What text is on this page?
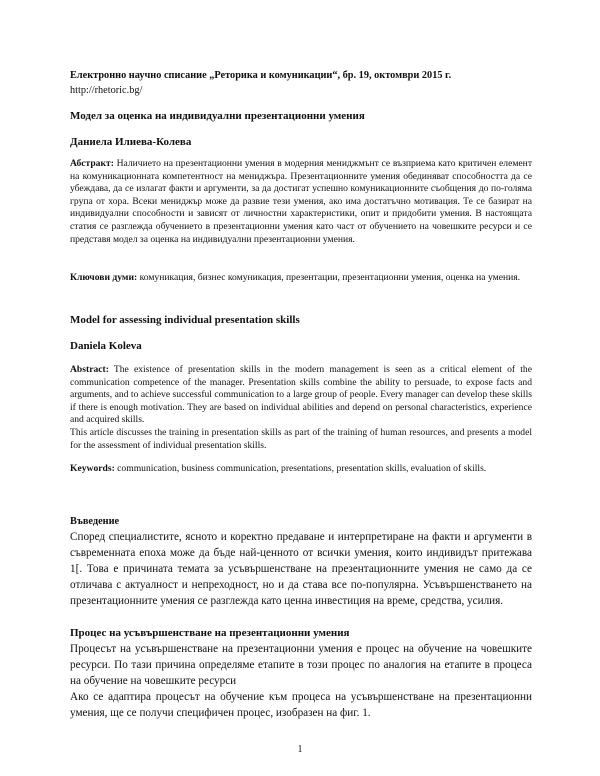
Електронно научно списание „Реторика и комуникации“, бр. 19, октомври 2015 г.

http://rhetoric.bg/

Модел за оценка на индивидуални презентационни умения

Даниела Илиева-Колева

Абстракт: Наличието на презентационни умения в модерния мениджмънт се възприема като критичен елемент на комуникационната компетентност на мениджъра. Презентационните умения обединяват способността да се убеждава, да се излагат факти и аргументи, за да достигат успешно комуникационните съобщения до по-голяма група от хора. Всеки мениджър може да развие тези умения, ако има достатъчно мотивация. Те се базират на индивидуални способности и зависят от личностни характеристики, опит и придобити умения. В настоящата статия се разглежда обучението в презентационни умения като част от обучението на човешките ресурси и се представя модел за оценка на индивидуални презентационни умения.

Ключови думи: комуникация, бизнес комуникация, презентации, презентационни умения, оценка на умения.

Model for assessing individual presentation skills

Daniela Koleva

Abstract: The existence of presentation skills in the modern management is seen as a critical element of the communication competence of the manager. Presentation skills combine the ability to persuade, to expose facts and arguments, and to achieve successful communication to a large group of people. Every manager can develop these skills if there is enough motivation. They are based on individual abilities and depend on personal characteristics, experience and acquired skills.

This article discusses the training in presentation skills as part of the training of human resources, and presents a model for the assessment of individual presentation skills.

Keywords: communication, business communication, presentations, presentation skills, evaluation of skills.

Въведение

Според специалистите, ясното и коректно предаване и интерпретиране на факти и аргументи в съвременната епоха може да бъде най-ценното от всички умения, които индивидът притежава 1[. Това е причината темата за усъвършенстване на презентационните умения не само да се отличава с актуалност и непреходност, но и да става все по-популярна. Усъвършенстването на презентационните умения се разглежда като ценна инвестиция на време, средства, усилия.

Процес на усъвършенстване на презентационни умения

Процесът на усъвършенстване на презентационни умения е процес на обучение на човешките ресурси. По тази причина определяме етапите в този процес по аналогия на етапите в процеса на обучение на човешките ресурси

Ако се адаптира процесът на обучение към процеса на усъвършенстване на презентационни умения, ще се получи специфичен процес, изобразен на фиг. 1.

1
